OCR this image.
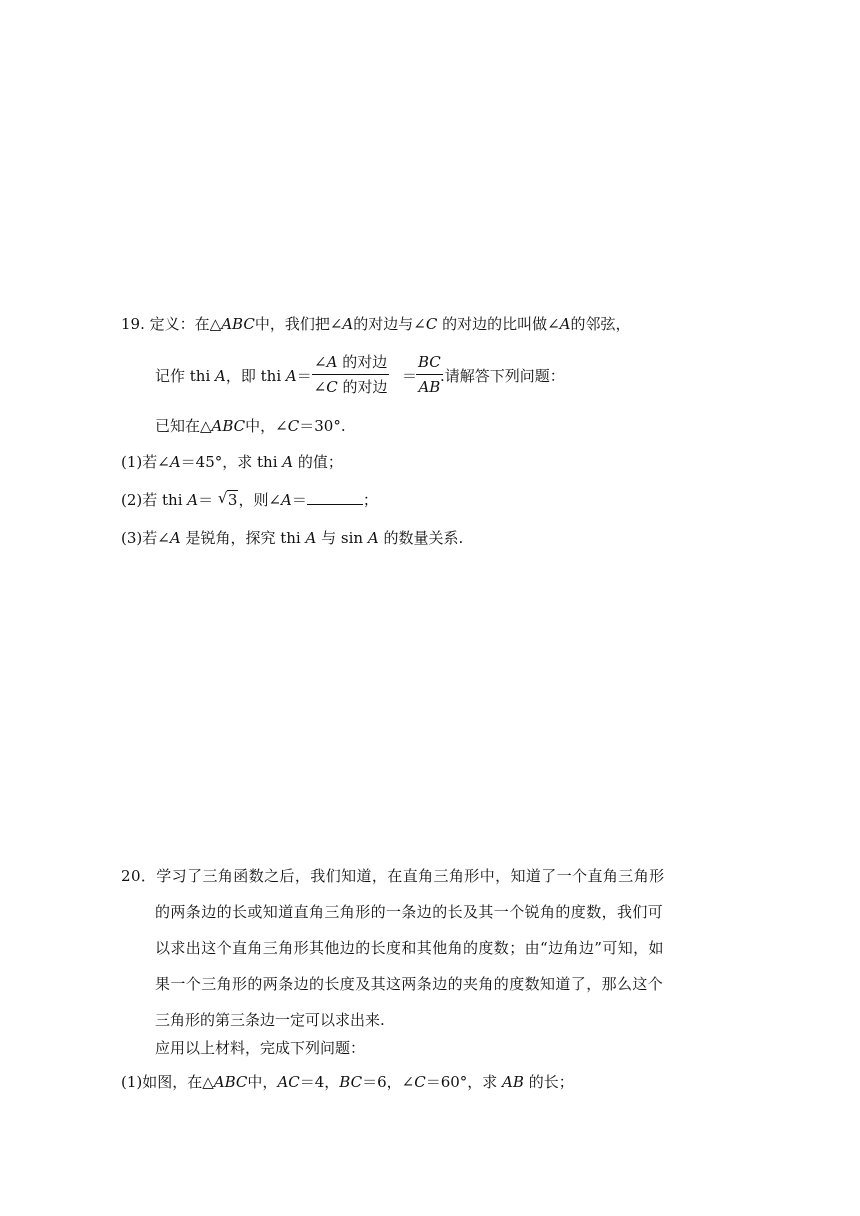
19. 定义：在△ABC中，我们把∠A的对边与∠C 的对边的比叫做∠A的邻弦，
记作 thi A，即 thi A＝
∠A 的对边
∠C 的对边
＝
$\frac{BC}{AB}$
.请解答下列问题：
已知在△ABC中，∠C＝30°.
(1)若∠A＝45°，求 thi A 的值；
(2)若 thi A＝ √ 3，则∠A＝	；
(3)若∠A 是锐角，探究 thi A 与 sin A 的数量关系.
20．学习了三角函数之后，我们知道，在直角三角形中，知道了一个直角三角形
的两条边的长或知道直角三角形的一条边的长及其一个锐角的度数，我们可
以求出这个直角三角形其他边的长度和其他角的度数；由“边角边”可知，如
果一个三角形的两条边的长度及其这两条边的夹角的度数知道了，那么这个
三角形的第三条边一定可以求出来.
应用以上材料，完成下列问题：
(1)如图，在△ABC中，AC＝4，BC＝6，∠C＝60°，求 AB 的长；
